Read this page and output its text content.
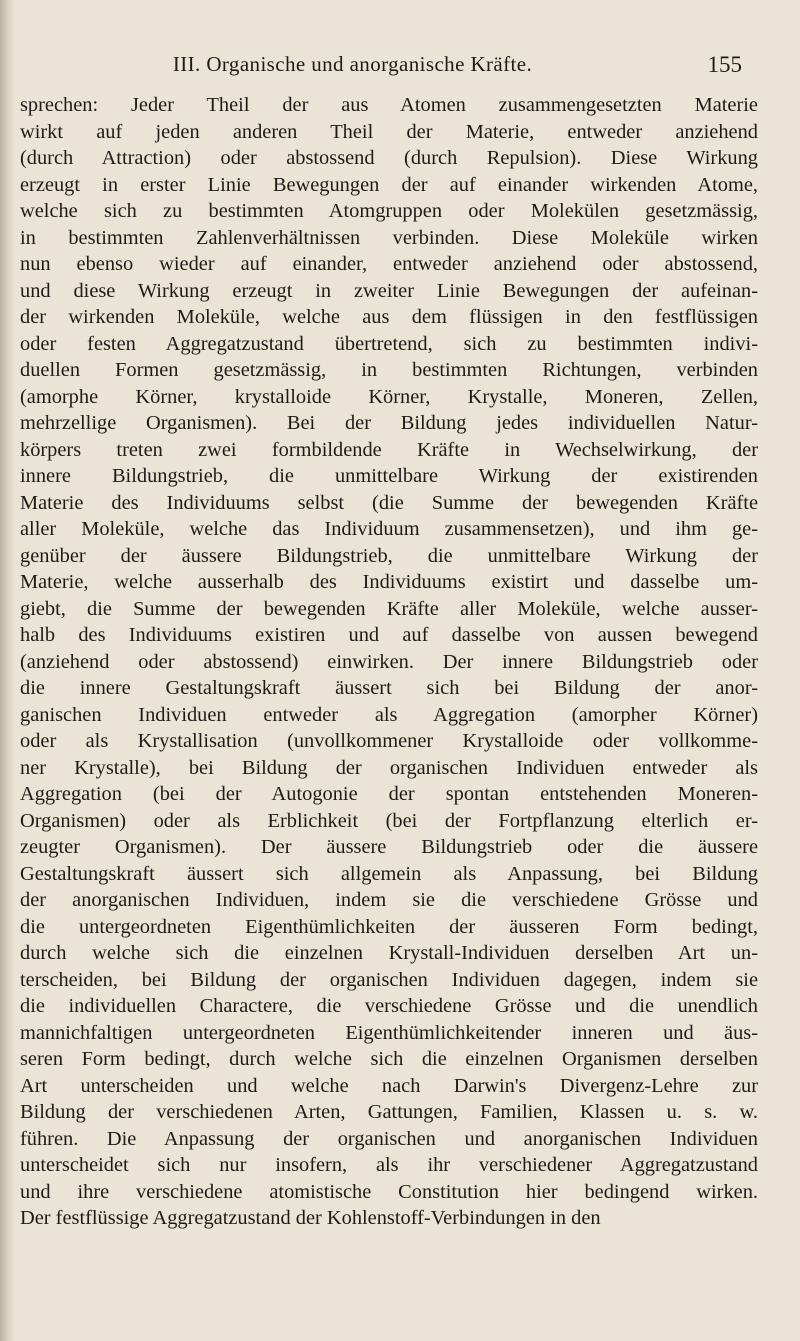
III. Organische und anorganische Kräfte.	155
sprechen: Jeder Theil der aus Atomen zusammengesetzten Materie
wirkt auf jeden anderen Theil der Materie, entweder anziehend
(durch Attraction) oder abstossend (durch Repulsion). Diese Wirkung
erzeugt in erster Linie Bewegungen der auf einander wirkenden Atome,
welche sich zu bestimmten Atomgruppen oder Molekülen gesetzmässig,
in bestimmten Zahlenverhältnissen verbinden. Diese Moleküle wirken
nun ebenso wieder auf einander, entweder anziehend oder abstossend,
und diese Wirkung erzeugt in zweiter Linie Bewegungen der aufeinan-
der wirkenden Moleküle, welche aus dem flüssigen in den festflüssigen
oder festen Aggregatzustand übertretend, sich zu bestimmten indivi-
duellen Formen gesetzmässig, in bestimmten Richtungen, verbinden
(amorphe Körner, krystalloide Körner, Krystalle, Moneren, Zellen,
mehrzellige Organismen). Bei der Bildung jedes individuellen Natur-
körpers treten zwei formbildende Kräfte in Wechselwirkung, der
innere Bildungstrieb, die unmittelbare Wirkung der existirenden
Materie des Individuums selbst (die Summe der bewegenden Kräfte
aller Moleküle, welche das Individuum zusammensetzen), und ihm ge-
genüber der äussere Bildungstrieb, die unmittelbare Wirkung der
Materie, welche ausserhalb des Individuums existirt und dasselbe um-
giebt, die Summe der bewegenden Kräfte aller Moleküle, welche ausser-
halb des Individuums existiren und auf dasselbe von aussen bewegend
(anziehend oder abstossend) einwirken. Der innere Bildungstrieb oder
die innere Gestaltungskraft äussert sich bei Bildung der anor-
ganischen Individuen entweder als Aggregation (amorpher Körner)
oder als Krystallisation (unvollkommener Krystalloide oder vollkomme-
ner Krystalle), bei Bildung der organischen Individuen entweder als
Aggregation (bei der Autogonie der spontan entstehenden Moneren-
Organismen) oder als Erblichkeit (bei der Fortpflanzung elterlich er-
zeugter Organismen). Der äussere Bildungstrieb oder die äussere
Gestaltungskraft äussert sich allgemein als Anpassung, bei Bildung
der anorganischen Individuen, indem sie die verschiedene Grösse und
die untergeordneten Eigenthümlichkeiten der äusseren Form bedingt,
durch welche sich die einzelnen Krystall-Individuen derselben Art un-
terscheiden, bei Bildung der organischen Individuen dagegen, indem sie
die individuellen Charactere, die verschiedene Grösse und die unendlich
mannichfaltigen untergeordneten Eigenthümlichkeitender inneren und äus-
seren Form bedingt, durch welche sich die einzelnen Organismen derselben
Art unterscheiden und welche nach Darwin's Divergenz-Lehre zur
Bildung der verschiedenen Arten, Gattungen, Familien, Klassen u. s. w.
führen. Die Anpassung der organischen und anorganischen Individuen
unterscheidet sich nur insofern, als ihr verschiedener Aggregatzustand
und ihre verschiedene atomistische Constitution hier bedingend wirken.
Der festflüssige Aggregatzustand der Kohlenstoff-Verbindungen in den
